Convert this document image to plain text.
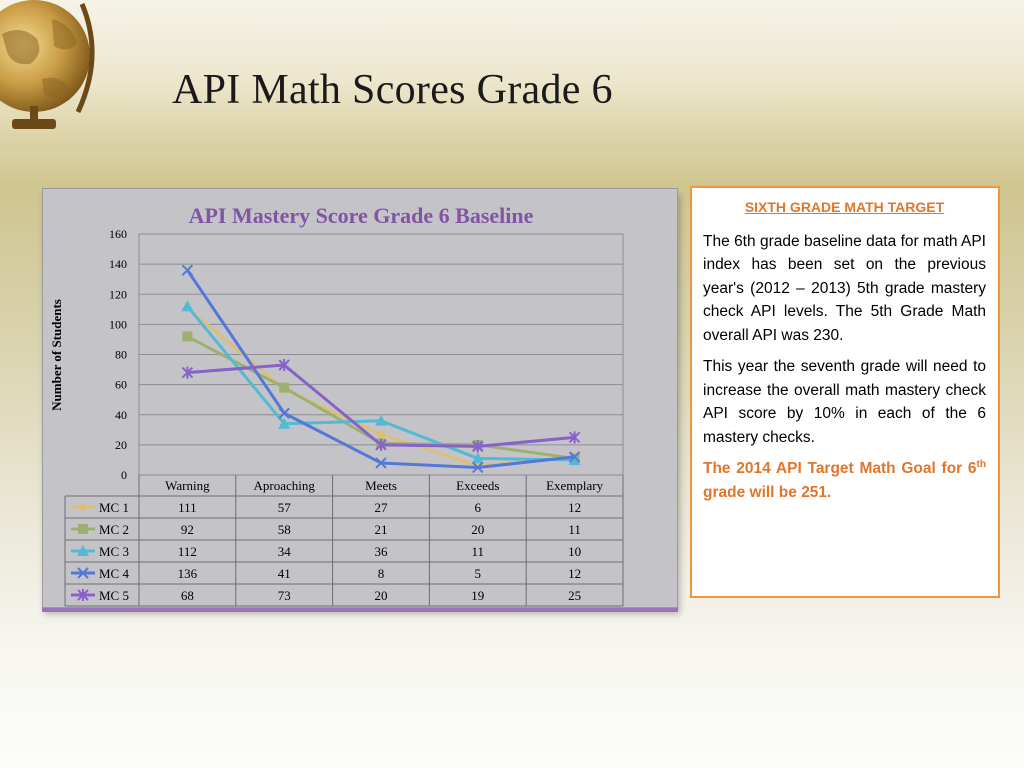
API Math Scores Grade 6
API Mastery Score Grade 6 Baseline
0
20
40
60
80
100
120
140
160
Number of Students
Warning	Aproaching	Meets	Exceeds	Exemplary
MC 1	111	57	27	6	12
MC 2	92	58	21	20	11
MC 3	112	34	36	11	10
MC 4	136	41	8	5	12
MC 5	68	73	20	19	25

SIXTH GRADE MATH TARGET

The 6th grade baseline data for math API index has been set on the previous year's (2012 – 2013) 5th grade mastery check API levels. The 5th Grade Math overall API was 230.

This year the seventh grade will need to increase the overall math mastery check API score by 10% in each of the 6 mastery checks.

The 2014 API Target Math Goal for 6th grade will be 251.
